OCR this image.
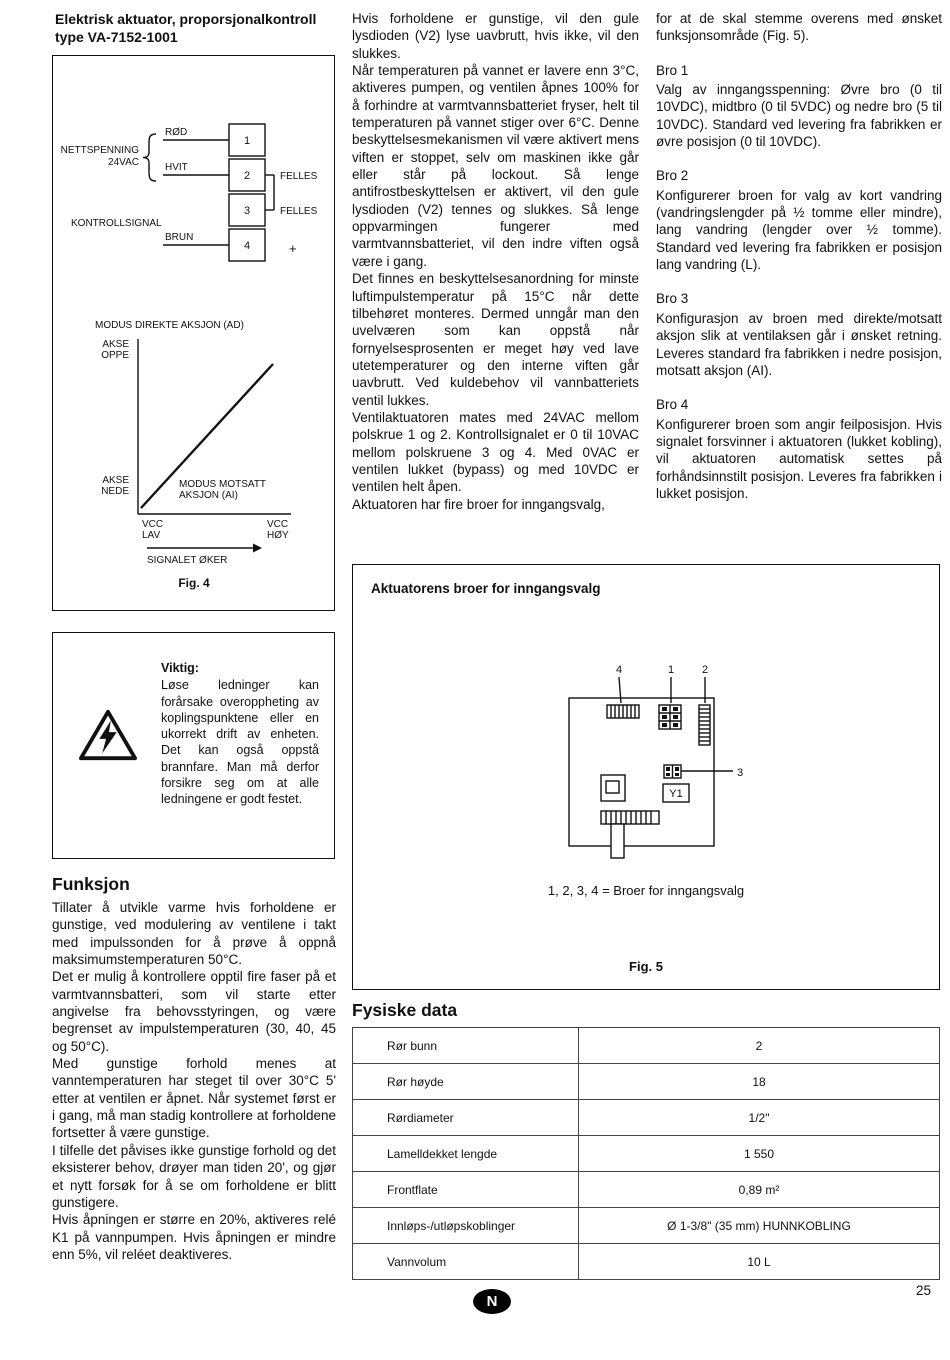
Elektrisk aktuator, proporsjonalkontroll
type VA-7152-1001
1
2
3
4
RØD
HVIT
BRUN
NETTSPENNING
24VAC
KONTROLLSIGNAL
FELLES
FELLES
+
MODUS DIREKTE AKSJON (AD)
AKSE
OPPE
AKSE
NEDE
MODUS MOTSATT
AKSJON (AI)
VCC
LAV
VCC
HØY
SIGNALET ØKER
Fig. 4
Viktig:
Løse ledninger kan forårsake overoppheting av koplingspunktene eller en ukorrekt drift av enheten. Det kan også oppstå brannfare. Man må derfor forsikre seg om at alle ledningene er godt festet.
Funksjon

Tillater å utvikle varme hvis forholdene er gunstige, ved modulering av ventilene i takt med impulssonden for å prøve å oppnå maksimumstemperaturen 50°C.

Det er mulig å kontrollere opptil fire faser på et varmtvannsbatteri, som vil starte etter angivelse fra behovsstyringen, og være begrenset av impulstemperaturen (30, 40, 45 og 50°C).

Med gunstige forhold menes at vanntemperaturen har steget til over 30°C 5' etter at ventilen er åpnet. Når systemet først er i gang, må man stadig kontrollere at forholdene fortsetter å være gunstige.

I tilfelle det påvises ikke gunstige forhold og det eksisterer behov, drøyer man tiden 20', og gjør et nytt forsøk for å se om forholdene er blitt gunstigere.

Hvis åpningen er større en 20%, aktiveres relé K1 på vannpumpen. Hvis åpningen er mindre enn 5%, vil reléet deaktiveres.

Hvis forholdene er gunstige, vil den gule lysdioden (V2) lyse uavbrutt, hvis ikke, vil den slukkes.

Når temperaturen på vannet er lavere enn 3°C, aktiveres pumpen, og ventilen åpnes 100% for å forhindre at varmtvannsbatteriet fryser, helt til temperaturen på vannet stiger over 6°C. Denne beskyttelsesmekanismen vil være aktivert mens viften er stoppet, selv om maskinen ikke går eller står på lockout. Så lenge antifrostbeskyttelsen er aktivert, vil den gule lysdioden (V2) tennes og slukkes. Så lenge oppvarmingen fungerer med varmtvannsbatteriet, vil den indre viften også være i gang.

Det finnes en beskyttelsesanordning for minste luftimpulstemperatur på 15°C når dette tilbehøret monteres. Dermed unngår man den uvelværen som kan oppstå når fornyelsesprosenten er meget høy ved lave utetemperaturer og den interne viften går uavbrutt. Ved kuldebehov vil vannbatteriets ventil lukkes.

Ventilaktuatoren mates med 24VAC mellom polskrue 1 og 2. Kontrollsignalet er 0 til 10VAC mellom polskruene 3 og 4. Med 0VAC er ventilen lukket (bypass) og med 10VDC er ventilen helt åpen.

Aktuatoren har fire broer for inngangsvalg,

for at de skal stemme overens med ønsket funksjonsområde (Fig. 5).

Bro 1

Valg av inngangsspenning: Øvre bro (0 til 10VDC), midtbro (0 til 5VDC) og nedre bro (5 til 10VDC). Standard ved levering fra fabrikken er øvre posisjon (0 til 10VDC).

Bro 2

Konfigurerer broen for valg av kort vandring (vandringslengder på ½ tomme eller mindre), lang vandring (lengder over ½ tomme). Standard ved levering fra fabrikken er posisjon lang vandring (L).

Bro 3

Konfigurasjon av broen med direkte/motsatt aksjon slik at ventilaksen går i ønsket retning. Leveres standard fra fabrikken i nedre posisjon, motsatt aksjon (AI).

Bro 4

Konfigurerer broen som angir feilposisjon. Hvis signalet forsvinner i aktuatoren (lukket kobling), vil aktuatoren automatisk settes på forhåndsinnstilt posisjon. Leveres fra fabrikken i lukket posisjon.

Aktuatorens broer for inngangsvalg
4	1	2
3
Y1
1, 2, 3, 4 = Broer for inngangsvalg
Fig. 5
Fysiske data
Rør bunn	2
Rør høyde	18
Rørdiameter	1/2"
Lamelldekket lengde	1 550
Frontflate	0,89 m²
Innløps-/utløpskoblinger	Ø 1-3/8" (35 mm) HUNNKOBLING
Vannvolum	10 L
N
25
